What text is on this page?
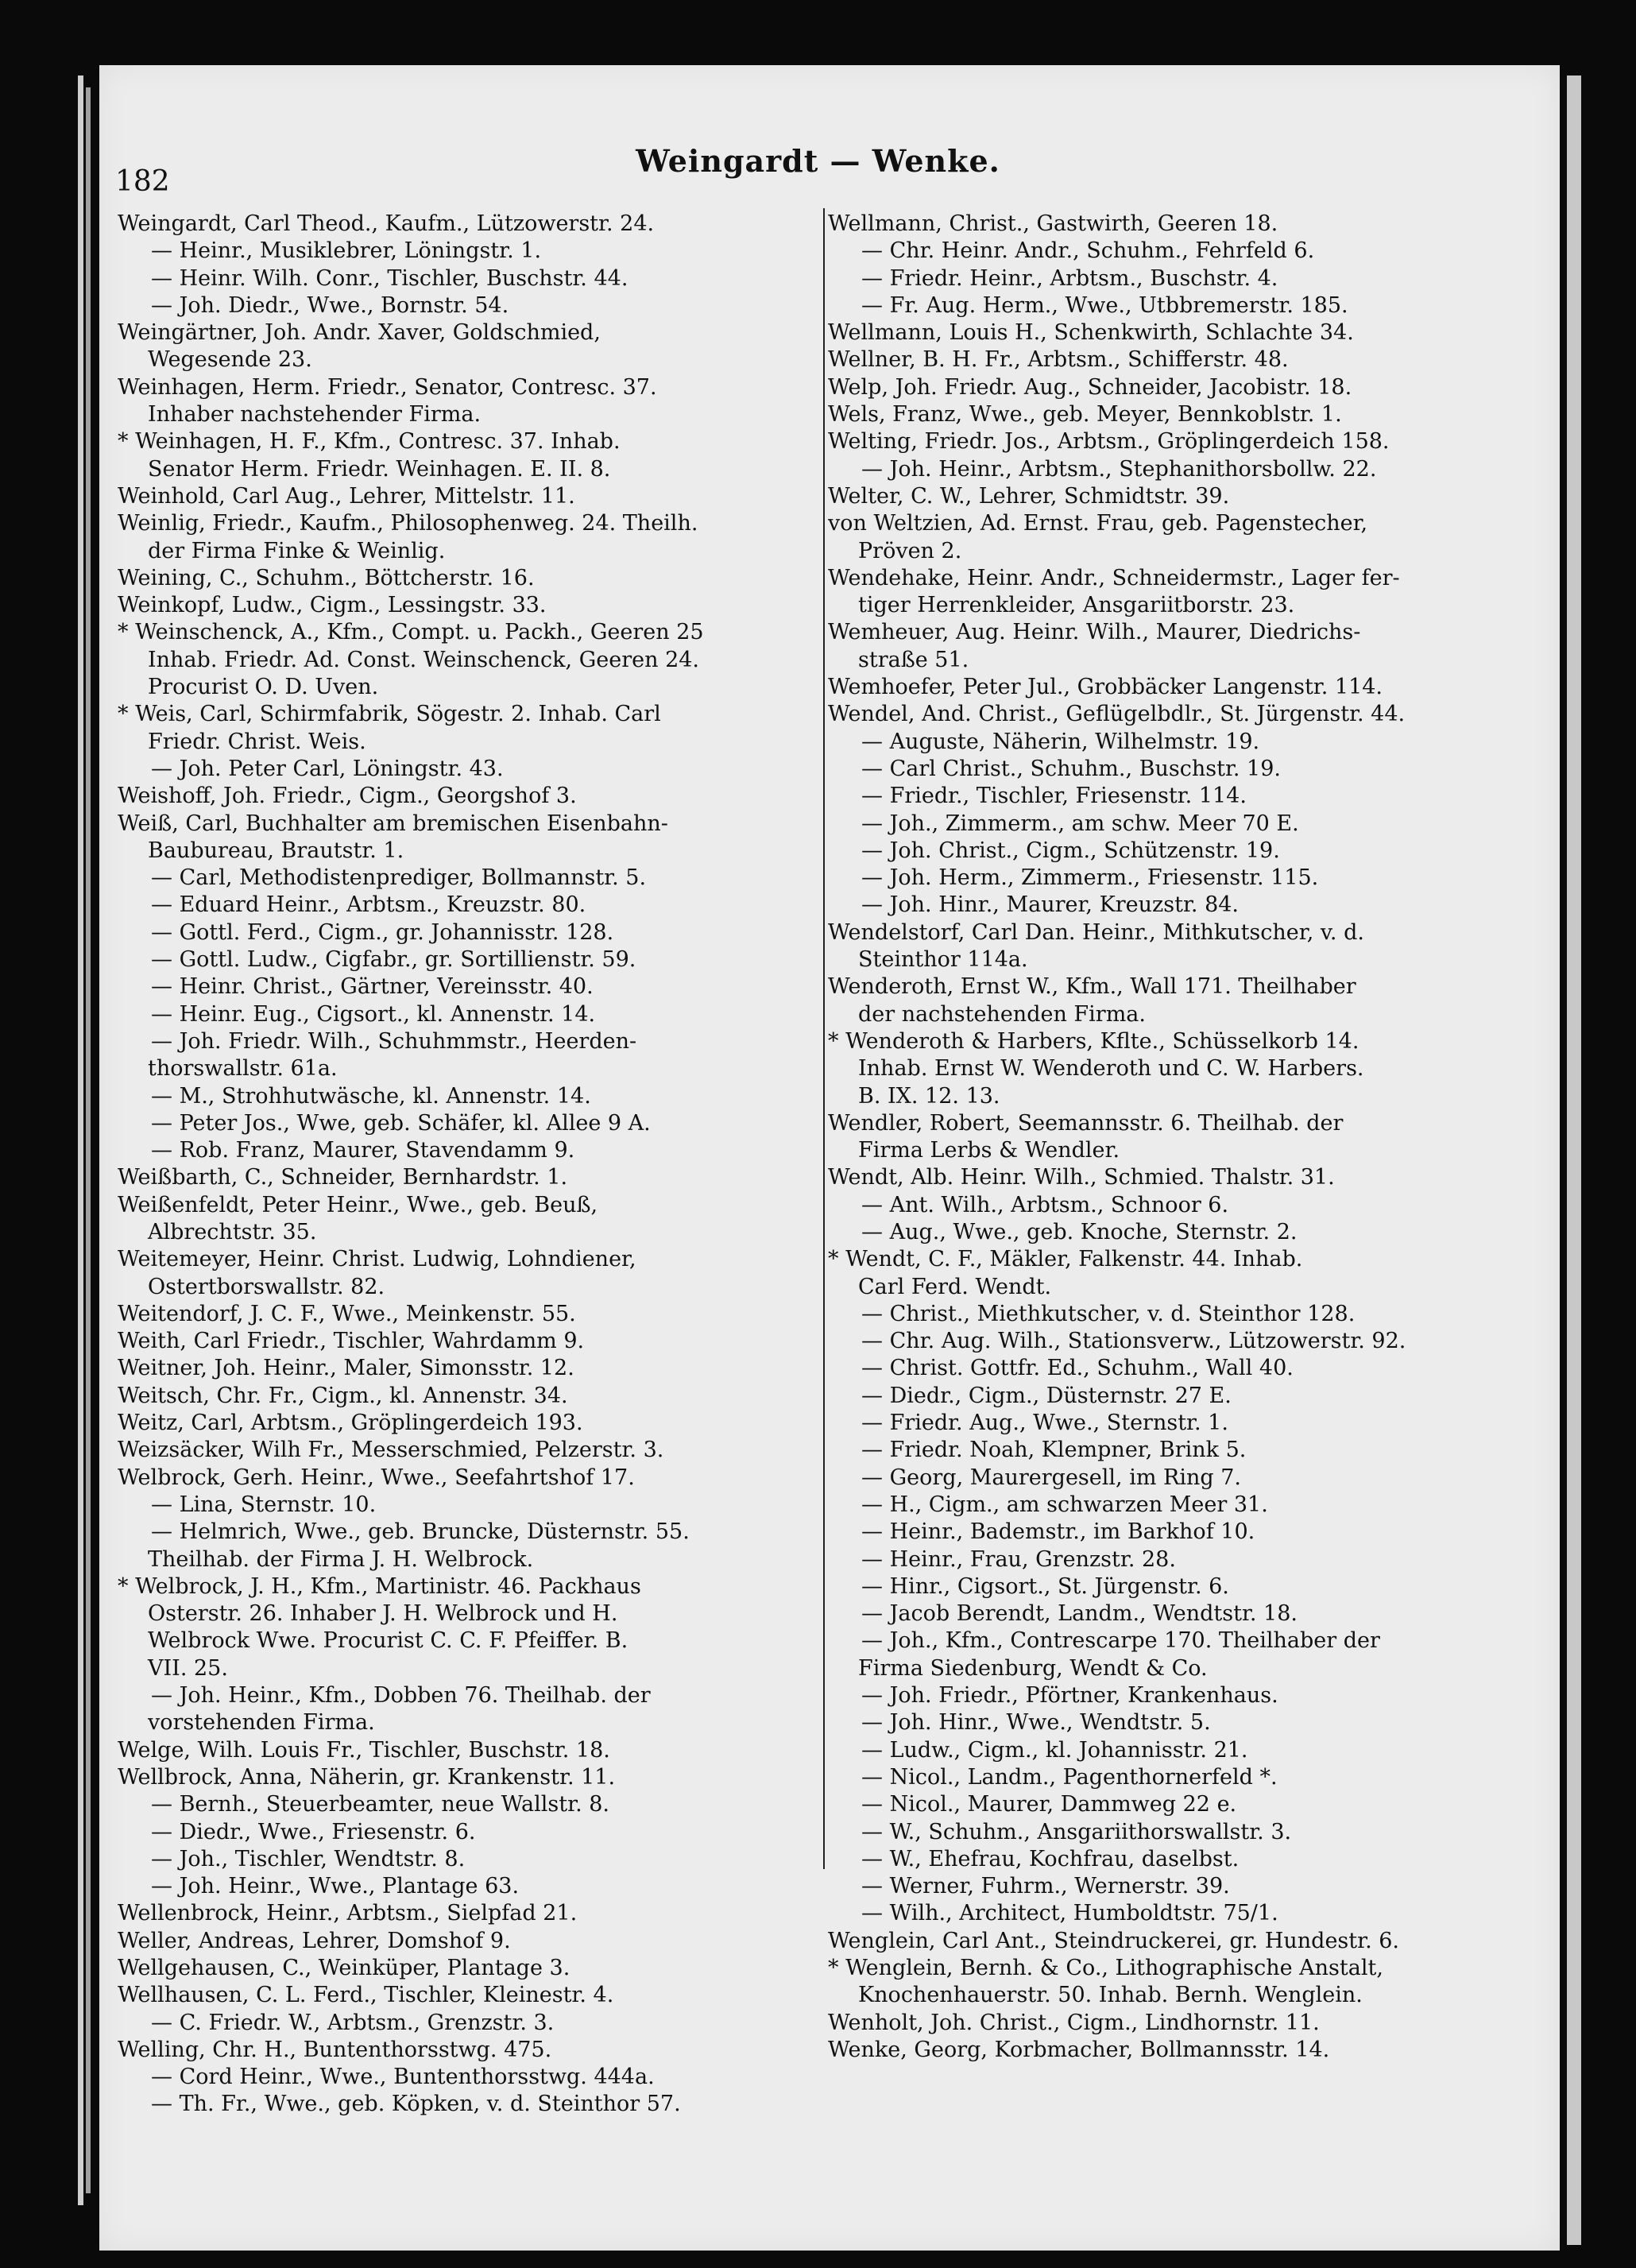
182
Weingardt — Wenke.
Weingardt, Carl Theod., Kaufm., Lützowerstr. 24.
— Heinr., Musiklebrer, Löningstr. 1.
— Heinr. Wilh. Conr., Tischler, Buschstr. 44.
— Joh. Diedr., Wwe., Bornstr. 54.
Weingärtner, Joh. Andr. Xaver, Goldschmied,
Wegesende 23.
Weinhagen, Herm. Friedr., Senator, Contresc. 37.
Inhaber nachstehender Firma.
* Weinhagen, H. F., Kfm., Contresc. 37. Inhab.
Senator Herm. Friedr. Weinhagen. E. II. 8.
Weinhold, Carl Aug., Lehrer, Mittelstr. 11.
Weinlig, Friedr., Kaufm., Philosophenweg. 24. Theilh.
der Firma Finke & Weinlig.
Weining, C., Schuhm., Böttcherstr. 16.
Weinkopf, Ludw., Cigm., Lessingstr. 33.
* Weinschenck, A., Kfm., Compt. u. Packh., Geeren 25
Inhab. Friedr. Ad. Const. Weinschenck, Geeren 24.
Procurist O. D. Uven.
* Weis, Carl, Schirmfabrik, Sögestr. 2. Inhab. Carl
Friedr. Christ. Weis.
— Joh. Peter Carl, Löningstr. 43.
Weishoff, Joh. Friedr., Cigm., Georgshof 3.
Weiß, Carl, Buchhalter am bremischen Eisenbahn-
Baubureau, Brautstr. 1.
— Carl, Methodistenprediger, Bollmannstr. 5.
— Eduard Heinr., Arbtsm., Kreuzstr. 80.
— Gottl. Ferd., Cigm., gr. Johannisstr. 128.
— Gottl. Ludw., Cigfabr., gr. Sortillienstr. 59.
— Heinr. Christ., Gärtner, Vereinsstr. 40.
— Heinr. Eug., Cigsort., kl. Annenstr. 14.
— Joh. Friedr. Wilh., Schuhmmstr., Heerden-
thorswallstr. 61a.
— M., Strohhutwäsche, kl. Annenstr. 14.
— Peter Jos., Wwe, geb. Schäfer, kl. Allee 9 A.
— Rob. Franz, Maurer, Stavendamm 9.
Weißbarth, C., Schneider, Bernhardstr. 1.
Weißenfeldt, Peter Heinr., Wwe., geb. Beuß,
Albrechtstr. 35.
Weitemeyer, Heinr. Christ. Ludwig, Lohndiener,
Ostertborswallstr. 82.
Weitendorf, J. C. F., Wwe., Meinkenstr. 55.
Weith, Carl Friedr., Tischler, Wahrdamm 9.
Weitner, Joh. Heinr., Maler, Simonsstr. 12.
Weitsch, Chr. Fr., Cigm., kl. Annenstr. 34.
Weitz, Carl, Arbtsm., Gröplingerdeich 193.
Weizsäcker, Wilh Fr., Messerschmied, Pelzerstr. 3.
Welbrock, Gerh. Heinr., Wwe., Seefahrtshof 17.
— Lina, Sternstr. 10.
— Helmrich, Wwe., geb. Bruncke, Düsternstr. 55.
Theilhab. der Firma J. H. Welbrock.
* Welbrock, J. H., Kfm., Martinistr. 46. Packhaus
Osterstr. 26. Inhaber J. H. Welbrock und H.
Welbrock Wwe. Procurist C. C. F. Pfeiffer. B.
VII. 25.
— Joh. Heinr., Kfm., Dobben 76. Theilhab. der
vorstehenden Firma.
Welge, Wilh. Louis Fr., Tischler, Buschstr. 18.
Wellbrock, Anna, Näherin, gr. Krankenstr. 11.
— Bernh., Steuerbeamter, neue Wallstr. 8.
— Diedr., Wwe., Friesenstr. 6.
— Joh., Tischler, Wendtstr. 8.
— Joh. Heinr., Wwe., Plantage 63.
Wellenbrock, Heinr., Arbtsm., Sielpfad 21.
Weller, Andreas, Lehrer, Domshof 9.
Wellgehausen, C., Weinküper, Plantage 3.
Wellhausen, C. L. Ferd., Tischler, Kleinestr. 4.
— C. Friedr. W., Arbtsm., Grenzstr. 3.
Welling, Chr. H., Buntenthorsstwg. 475.
— Cord Heinr., Wwe., Buntenthorsstwg. 444a.
— Th. Fr., Wwe., geb. Köpken, v. d. Steinthor 57.
Wellmann, Christ., Gastwirth, Geeren 18.
— Chr. Heinr. Andr., Schuhm., Fehrfeld 6.
— Friedr. Heinr., Arbtsm., Buschstr. 4.
— Fr. Aug. Herm., Wwe., Utbbremerstr. 185.
Wellmann, Louis H., Schenkwirth, Schlachte 34.
Wellner, B. H. Fr., Arbtsm., Schifferstr. 48.
Welp, Joh. Friedr. Aug., Schneider, Jacobistr. 18.
Wels, Franz, Wwe., geb. Meyer, Bennkoblstr. 1.
Welting, Friedr. Jos., Arbtsm., Gröplingerdeich 158.
— Joh. Heinr., Arbtsm., Stephanithorsbollw. 22.
Welter, C. W., Lehrer, Schmidtstr. 39.
von Weltzien, Ad. Ernst. Frau, geb. Pagenstecher,
Pröven 2.
Wendehake, Heinr. Andr., Schneidermstr., Lager fer-
tiger Herrenkleider, Ansgariitborstr. 23.
Wemheuer, Aug. Heinr. Wilh., Maurer, Diedrichs-
straße 51.
Wemhoefer, Peter Jul., Grobbäcker Langenstr. 114.
Wendel, And. Christ., Geflügelbdlr., St. Jürgenstr. 44.
— Auguste, Näherin, Wilhelmstr. 19.
— Carl Christ., Schuhm., Buschstr. 19.
— Friedr., Tischler, Friesenstr. 114.
— Joh., Zimmerm., am schw. Meer 70 E.
— Joh. Christ., Cigm., Schützenstr. 19.
— Joh. Herm., Zimmerm., Friesenstr. 115.
— Joh. Hinr., Maurer, Kreuzstr. 84.
Wendelstorf, Carl Dan. Heinr., Mithkutscher, v. d.
Steinthor 114a.
Wenderoth, Ernst W., Kfm., Wall 171. Theilhaber
der nachstehenden Firma.
* Wenderoth & Harbers, Kflte., Schüsselkorb 14.
Inhab. Ernst W. Wenderoth und C. W. Harbers.
B. IX. 12. 13.
Wendler, Robert, Seemannsstr. 6. Theilhab. der
Firma Lerbs & Wendler.
Wendt, Alb. Heinr. Wilh., Schmied. Thalstr. 31.
— Ant. Wilh., Arbtsm., Schnoor 6.
— Aug., Wwe., geb. Knoche, Sternstr. 2.
* Wendt, C. F., Mäkler, Falkenstr. 44. Inhab.
Carl Ferd. Wendt.
— Christ., Miethkutscher, v. d. Steinthor 128.
— Chr. Aug. Wilh., Stationsverw., Lützowerstr. 92.
— Christ. Gottfr. Ed., Schuhm., Wall 40.
— Diedr., Cigm., Düsternstr. 27 E.
— Friedr. Aug., Wwe., Sternstr. 1.
— Friedr. Noah, Klempner, Brink 5.
— Georg, Maurergesell, im Ring 7.
— H., Cigm., am schwarzen Meer 31.
— Heinr., Bademstr., im Barkhof 10.
— Heinr., Frau, Grenzstr. 28.
— Hinr., Cigsort., St. Jürgenstr. 6.
— Jacob Berendt, Landm., Wendtstr. 18.
— Joh., Kfm., Contrescarpe 170. Theilhaber der
Firma Siedenburg, Wendt & Co.
— Joh. Friedr., Pförtner, Krankenhaus.
— Joh. Hinr., Wwe., Wendtstr. 5.
— Ludw., Cigm., kl. Johannisstr. 21.
— Nicol., Landm., Pagenthornerfeld *.
— Nicol., Maurer, Dammweg 22 e.
— W., Schuhm., Ansgariithorswallstr. 3.
— W., Ehefrau, Kochfrau, daselbst.
— Werner, Fuhrm., Wernerstr. 39.
— Wilh., Architect, Humboldtstr. 75/1.
Wenglein, Carl Ant., Steindruckerei, gr. Hundestr. 6.
* Wenglein, Bernh. & Co., Lithographische Anstalt,
Knochenhauerstr. 50. Inhab. Bernh. Wenglein.
Wenholt, Joh. Christ., Cigm., Lindhornstr. 11.
Wenke, Georg, Korbmacher, Bollmannsstr. 14.
